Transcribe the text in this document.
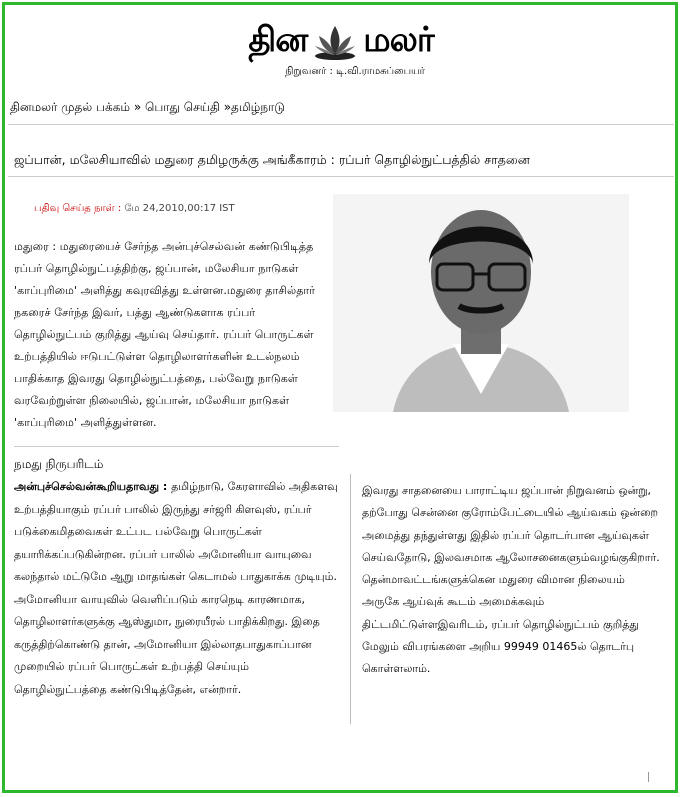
தின மலர்
நிறுவனர் : டி.வி.ராமசுப்பையர்
தினமலர் முதல் பக்கம் » பொது செய்தி »தமிழ்நாடு
ஜப்பான், மலேசியாவில் மதுரை தமிழருக்கு அங்கீகாரம் : ரப்பர் தொழில்நுட்பத்தில் சாதனை
பதிவு செய்த நாள் : மே 24,2010,00:17 IST
மதுரை : மதுரையைச் சேர்ந்த அன்புச்செல்வன் கண்டுபிடித்த ரப்பர் தொழில்நுட்பத்திற்கு, ஜப்பான், மலேசியா நாடுகள் 'காப்புரிமை' அளித்து கவுரவித்து உள்ளன.மதுரை தாசில்தார் நகரைச் சேர்ந்த இவர், பத்து ஆண்டுகளாக ரப்பர் தொழில்நுட்பம் குறித்து ஆய்வு செய்தார். ரப்பர் பொருட்கள் உற்பத்தியில் ஈடுபட்டுள்ள தொழிலாளர்களின் உடல்நலம் பாதிக்காத இவரது தொழில்நுட்பத்தை, பல்வேறு நாடுகள் வரவேற்றுள்ள நிலையில், ஜப்பான், மலேசியா நாடுகள் 'காப்புரிமை' அளித்துள்ளன.
நமது நிருபரிடம்
அன்புச்செல்வன்கூறியதாவது : தமிழ்நாடு, கேரளாவில் அதிகளவு உற்பத்தியாகும் ரப்பர் பாலில் இருந்து சர்ஜரி கிளவுஸ், ரப்பர் படுக்கைமிதவைகள் உட்பட பல்வேறு பொருட்கள் தயாரிக்கப்படுகின்றன. ரப்பர் பாலில் அமோனியா வாயுவை கலந்தால் மட்டுமே ஆறு மாதங்கள் கெடாமல் பாதுகாக்க முடியும். அமோனியா வாயுவில் வெளிப்படும் காரநெடி காரணமாக, தொழிலாளர்களுக்கு ஆஸ்துமா, நுரையீரல் பாதிக்கிறது. இதை கருத்திற்கொண்டு தான், அமோனியா இல்லாதபாதுகாப்பான முறையில் ரப்பர் பொருட்கள் உற்பத்தி செய்யும் தொழில்நுட்பத்தை கண்டுபிடித்தேன், என்றார்.
இவரது சாதனையை பாராட்டிய ஜப்பான் நிறுவனம் ஒன்று, தற்போது சென்னை குரோம்பேட்டையில் ஆய்வகம் ஒன்றை அமைத்து தந்துள்ளது இதில் ரப்பர் தொடர்பான ஆய்வுகள் செய்வதோடு, இலவசமாக ஆலோசனைகளும்வழங்குகிறார். தென்மாவட்டங்களுக்கென மதுரை விமான நிலையம் அருகே ஆய்வுக் கூடம் அமைக்கவும் திட்டமிட்டுள்ளஇவரிடம், ரப்பர் தொழில்நுட்பம் குறித்து மேலும் விபரங்களை அறிய 99949 01465ல் தொடர்பு கொள்ளலாம்.
